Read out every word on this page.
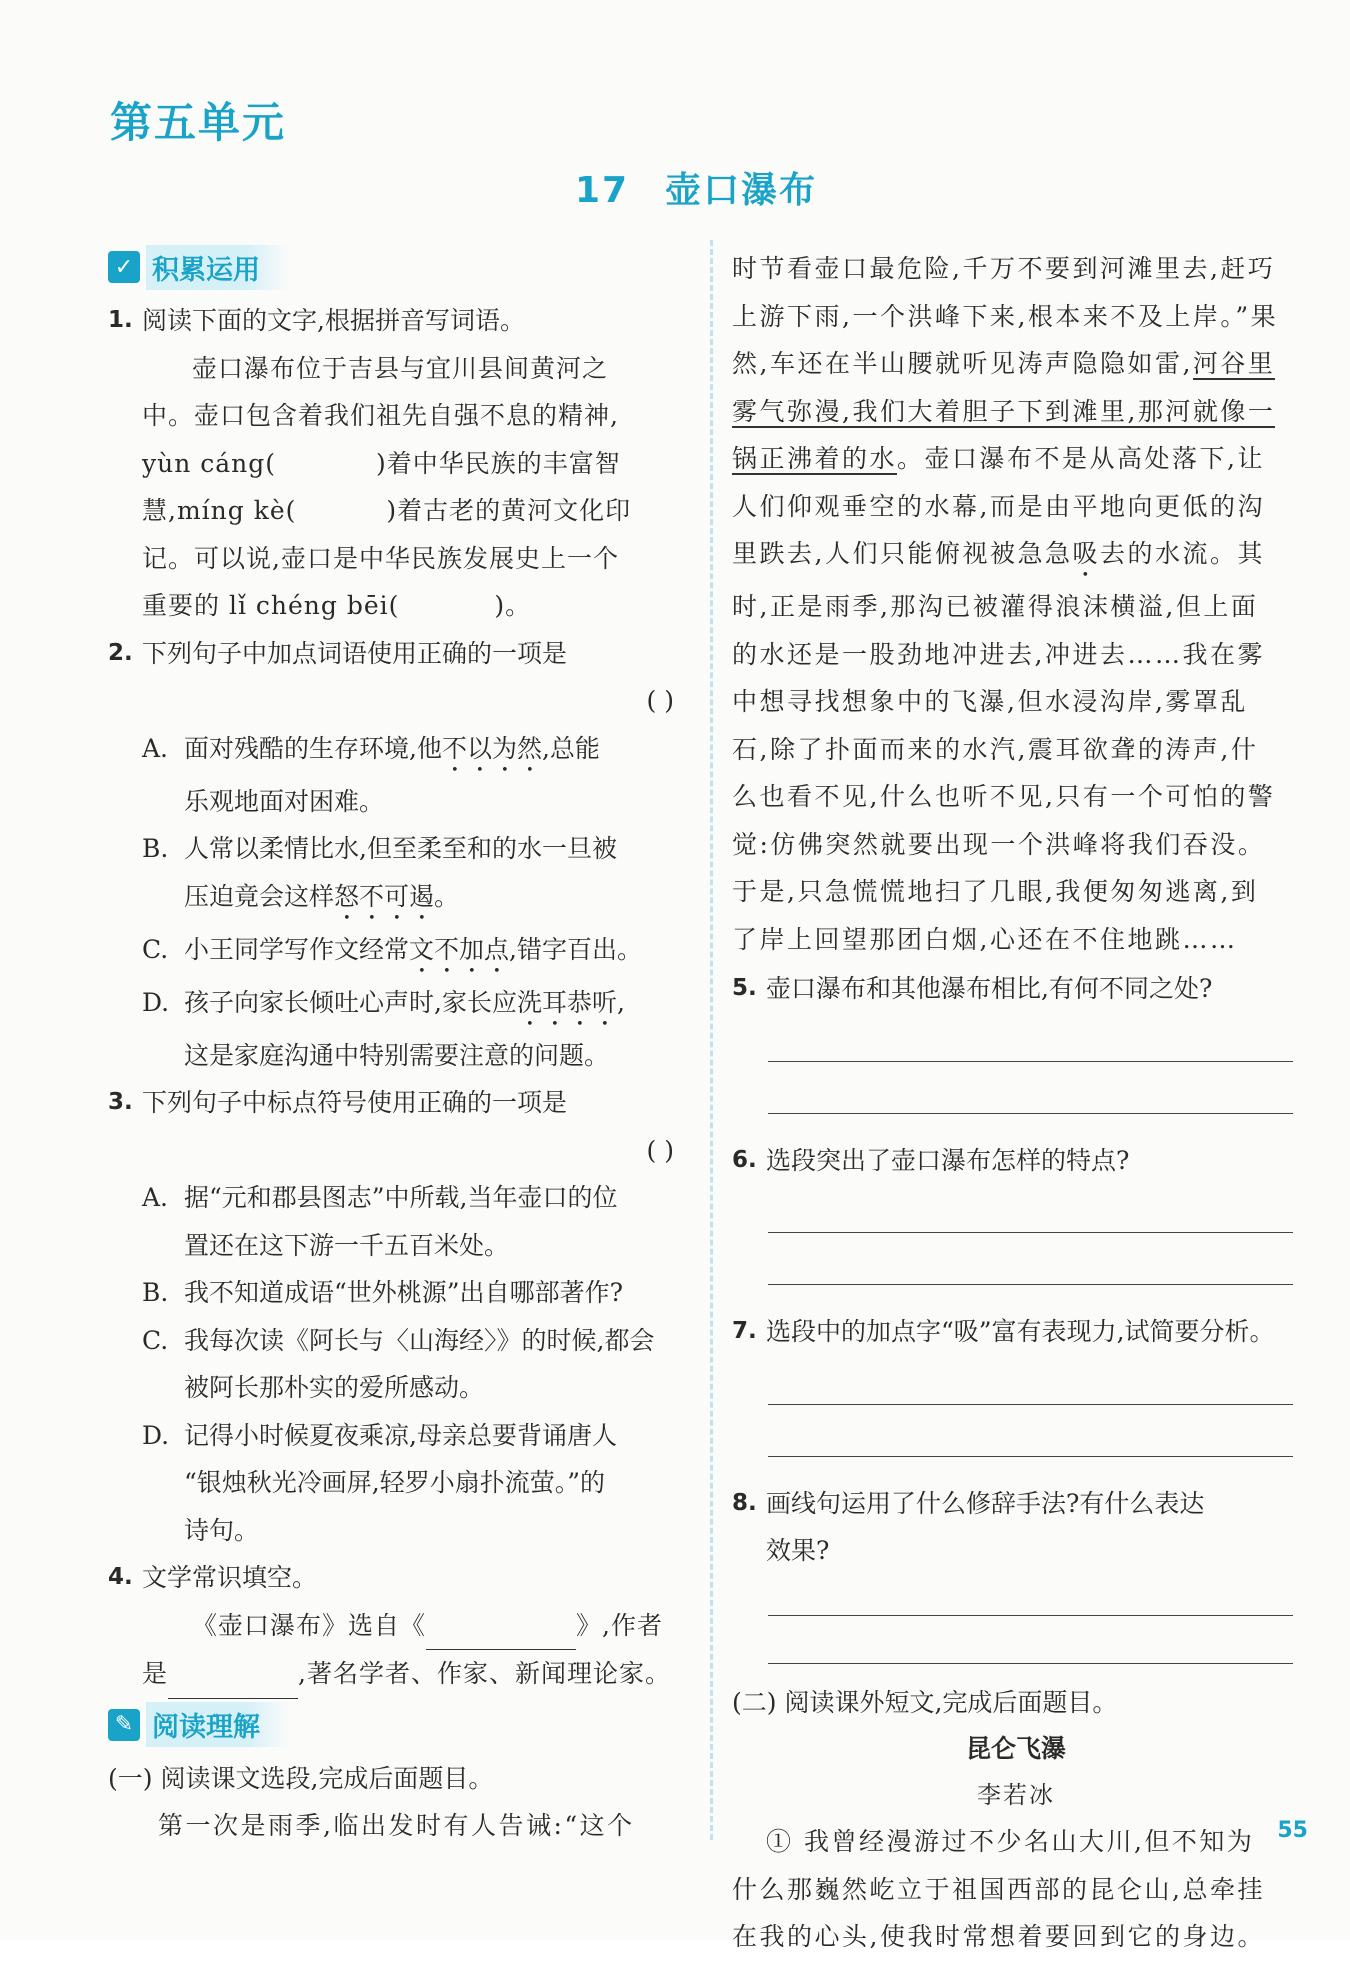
第五单元
17 壶口瀑布
✓ 积累运用
1. 阅读下面的文字,根据拼音写词语。

壶口瀑布位于吉县与宜川县间黄河之

中。壶口包含着我们祖先自强不息的精神,

yùn cáng(	)着中华民族的丰富智

慧,míng kè(	)着古老的黄河文化印

记。可以说,壶口是中华民族发展史上一个

重要的 lǐ chéng bēi(	)。

2. 下列句子中加点词语使用正确的一项是
( )
A. 面对残酷的生存环境,他不以为然,总能

乐观地面对困难。

B. 人常以柔情比水,但至柔至和的水一旦被

压迫竟会这样怒不可遏。

C. 小王同学写作文经常文不加点,错字百出。

D. 孩子向家长倾吐心声时,家长应洗耳恭听,

这是家庭沟通中特别需要注意的问题。

3. 下列句子中标点符号使用正确的一项是
( )
A. 据“元和郡县图志”中所载,当年壶口的位

置还在这下游一千五百米处。

B. 我不知道成语“世外桃源”出自哪部著作?

C. 我每次读《阿长与〈山海经〉》的时候,都会

被阿长那朴实的爱所感动。

D. 记得小时候夏夜乘凉,母亲总要背诵唐人

“银烛秋光冷画屏,轻罗小扇扑流萤。”的

诗句。

4. 文学常识填空。

《壶口瀑布》选自《	》,作者

是	,著名学者、作家、新闻理论家。

✎ 阅读理解
(一) 阅读课文选段,完成后面题目。
第一次是雨季,临出发时有人告诫:“这个

时节看壶口最危险,千万不要到河滩里去,赶巧

上游下雨,一个洪峰下来,根本来不及上岸。”果

然,车还在半山腰就听见涛声隐隐如雷,河谷里

雾气弥漫,我们大着胆子下到滩里,那河就像一

锅正沸着的水。壶口瀑布不是从高处落下,让

人们仰观垂空的水幕,而是由平地向更低的沟

里跌去,人们只能俯视被急急吸去的水流。其

时,正是雨季,那沟已被灌得浪沫横溢,但上面

的水还是一股劲地冲进去,冲进去……我在雾

中想寻找想象中的飞瀑,但水浸沟岸,雾罩乱

石,除了扑面而来的水汽,震耳欲聋的涛声,什

么也看不见,什么也听不见,只有一个可怕的警

觉:仿佛突然就要出现一个洪峰将我们吞没。

于是,只急慌慌地扫了几眼,我便匆匆逃离,到

了岸上回望那团白烟,心还在不住地跳……

5. 壶口瀑布和其他瀑布相比,有何不同之处?
6. 选段突出了壶口瀑布怎样的特点?
7. 选段中的加点字“吸”富有表现力,试简要分析。
8. 画线句运用了什么修辞手法?有什么表达

效果?

(二) 阅读课外短文,完成后面题目。
昆仑飞瀑
李若冰

① 我曾经漫游过不少名山大川,但不知为

什么那巍然屹立于祖国西部的昆仑山,总牵挂

在我的心头,使我时常想着要回到它的身边。

55
